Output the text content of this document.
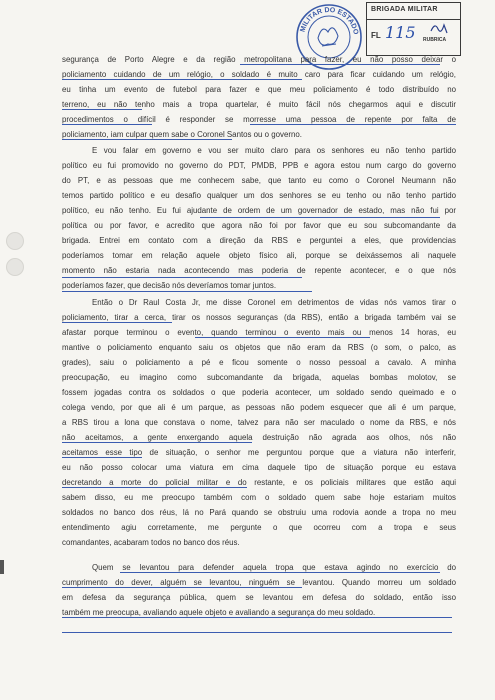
MILITAR DO ESTADO
BRIGADA MILITAR
FL 115 RUBRICA
segurança de Porto Alegre e da região metropolitana para fazer, eu não posso deixar o
policiamento cuidando de um relógio, o soldado é muito caro para ficar cuidando um relógio,
eu tinha um evento de futebol para fazer e que meu policiamento é todo distribuído no
terreno, eu não tenho mais a tropa quartelar, é muito fácil nós chegarmos aqui e discutir
procedimentos o difícil é responder se morresse uma pessoa de repente por falta de
policiamento, iam culpar quem sabe o Coronel Santos ou o governo.
E vou falar em governo e vou ser muito claro para os senhores eu não tenho partido
político eu fui promovido no governo do PDT, PMDB, PPB e agora estou num cargo do governo
do PT, e as pessoas que me conhecem sabe, que tanto eu como o Coronel Neumann não
temos partido político e eu desafio qualquer um dos senhores se eu tenho ou não tenho partido
político, eu não tenho. Eu fui ajudante de ordem de um governador de estado, mas não fui por
política ou por favor, e acredito que agora não foi por favor que eu sou subcomandante da
brigada. Entrei em contato com a direção da RBS e perguntei a eles, que providencias
poderíamos tomar em relação aquele objeto físico ali, porque se deixássemos ali naquele
momento não estaria nada acontecendo mas poderia de repente acontecer, e o que nós
poderíamos fazer, que decisão nós deveríamos tomar juntos.
Então o Dr Raul Costa Jr, me disse Coronel em detrimentos de vidas nós vamos tirar o
policiamento, tirar a cerca, tirar os nossos seguranças (da RBS), então a brigada também vai se
afastar porque terminou o evento, quando terminou o evento mais ou menos 14 horas, eu
mantive o policiamento enquanto saiu os objetos que não eram da RBS (o som, o palco, as
grades), saiu o policiamento a pé e ficou somente o nosso pessoal a cavalo. A minha
preocupação, eu imagino como subcomandante da brigada, aquelas bombas molotov, se
fossem jogadas contra os soldados o que poderia acontecer, um soldado sendo queimado e o
colega vendo, por que ali é um parque, as pessoas não podem esquecer que ali é um parque,
a RBS tirou a lona que constava o nome, talvez para não ser maculado o nome da RBS, e nós
não aceitamos, a gente enxergando aquela destruição não agrada aos olhos, nós não
aceitamos esse tipo de situação, o senhor me perguntou porque que a viatura não interferir,
eu não posso colocar uma viatura em cima daquele tipo de situação porque eu estava
decretando a morte do policial militar e do restante, e os policiais militares que estão aqui
sabem disso, eu me preocupo também com o soldado quem sabe hoje estariam muitos
soldados no banco dos réus, lá no Pará quando se obstruiu uma rodovia aonde a tropa no meu
entendimento agiu corretamente, me pergunte o que ocorreu com a tropa e seus
comandantes, acabaram todos no banco dos réus.
Quem se levantou para defender aquela tropa que estava agindo no exercício do
cumprimento do dever, alguém se levantou, ninguém se levantou. Quando morreu um soldado
em defesa da segurança pública, quem se levantou em defesa do soldado, então isso
também me preocupa, avaliando aquele objeto e avaliando a segurança do meu soldado.
